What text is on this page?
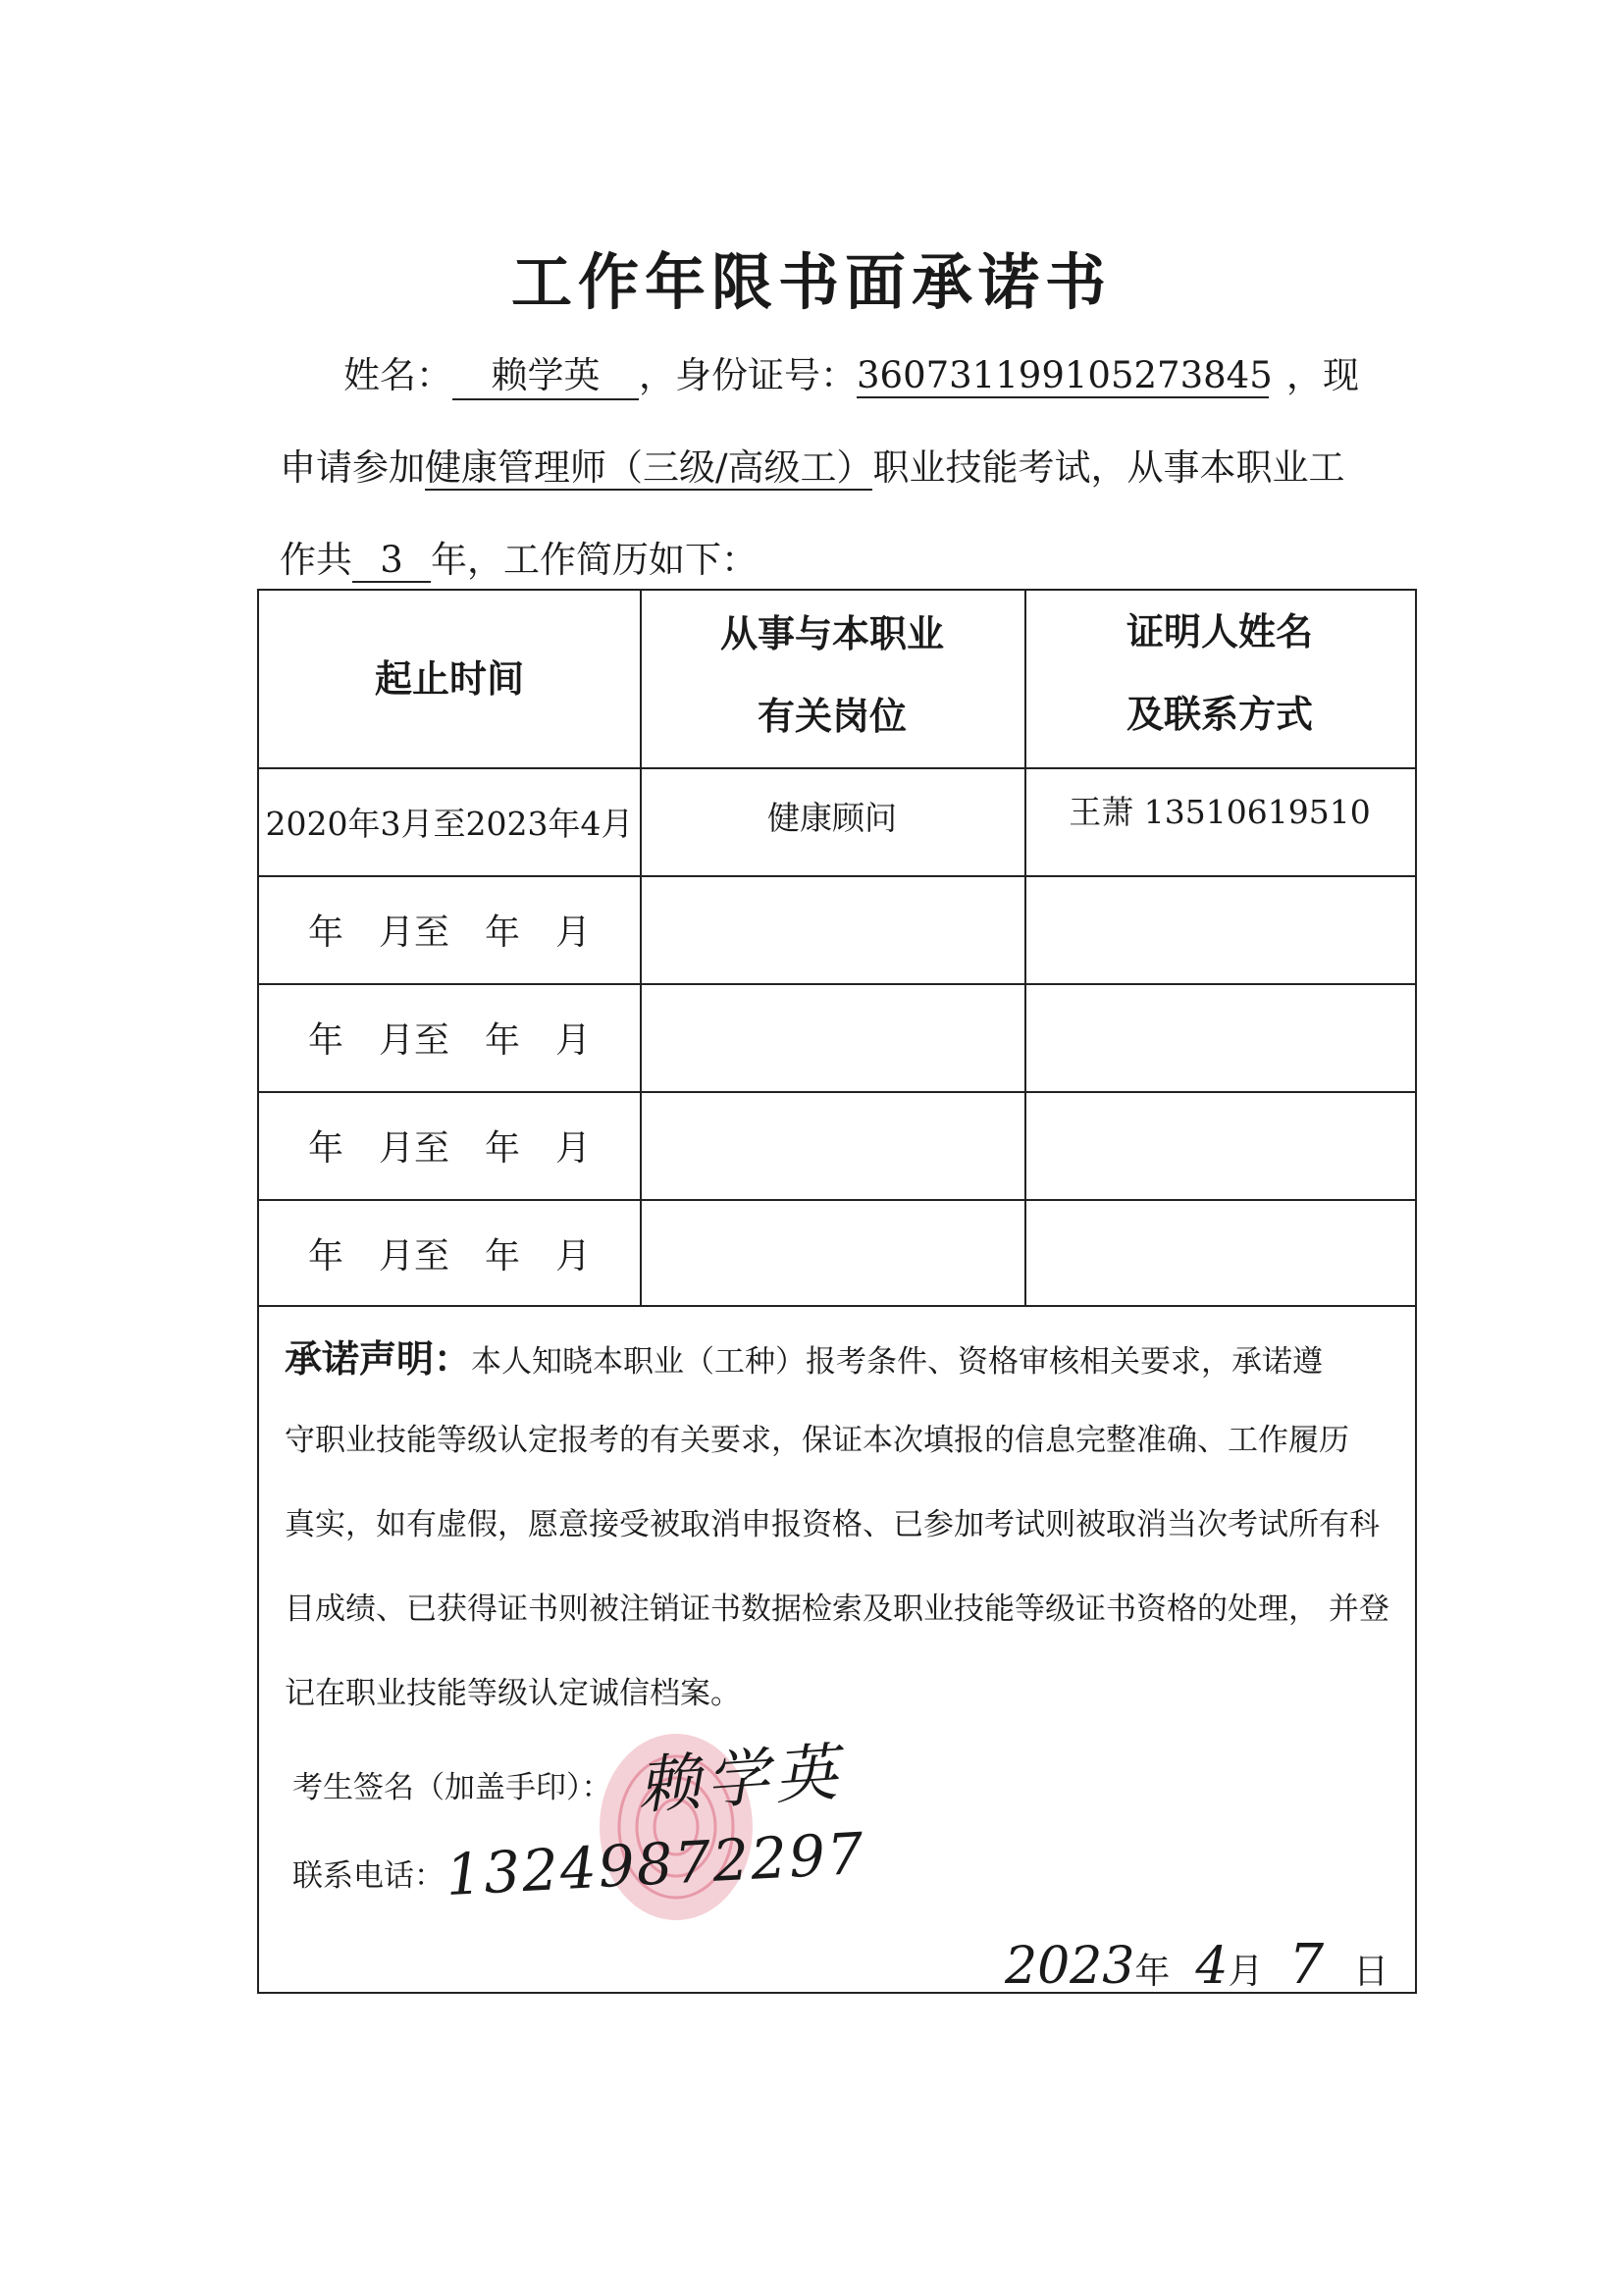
工作年限书面承诺书
姓名： 赖学英 ，身份证号：360731199105273845 ，现
申请参加健康管理师（三级/高级工）职业技能考试，从事本职业工
作共 3 年，工作简历如下：
起止时间
从事与本职业
有关岗位
证明人姓名
及联系方式
2020年3月至2023年4月	健康顾问	王萧 13510619510
年　月至　年　月
年　月至　年　月
年　月至　年　月
年　月至　年　月
承诺声明：本人知晓本职业（工种）报考条件、资格审核相关要求，承诺遵
守职业技能等级认定报考的有关要求，保证本次填报的信息完整准确、工作履历
真实，如有虚假，愿意接受被取消申报资格、已参加考试则被取消当次考试所有科
目成绩、已获得证书则被注销证书数据检索及职业技能等级证书资格的处理， 并登
记在职业技能等级认定诚信档案。
考生签名（加盖手印）： 赖学英
联系电话： 13249872297
2023年 4月 7 日
